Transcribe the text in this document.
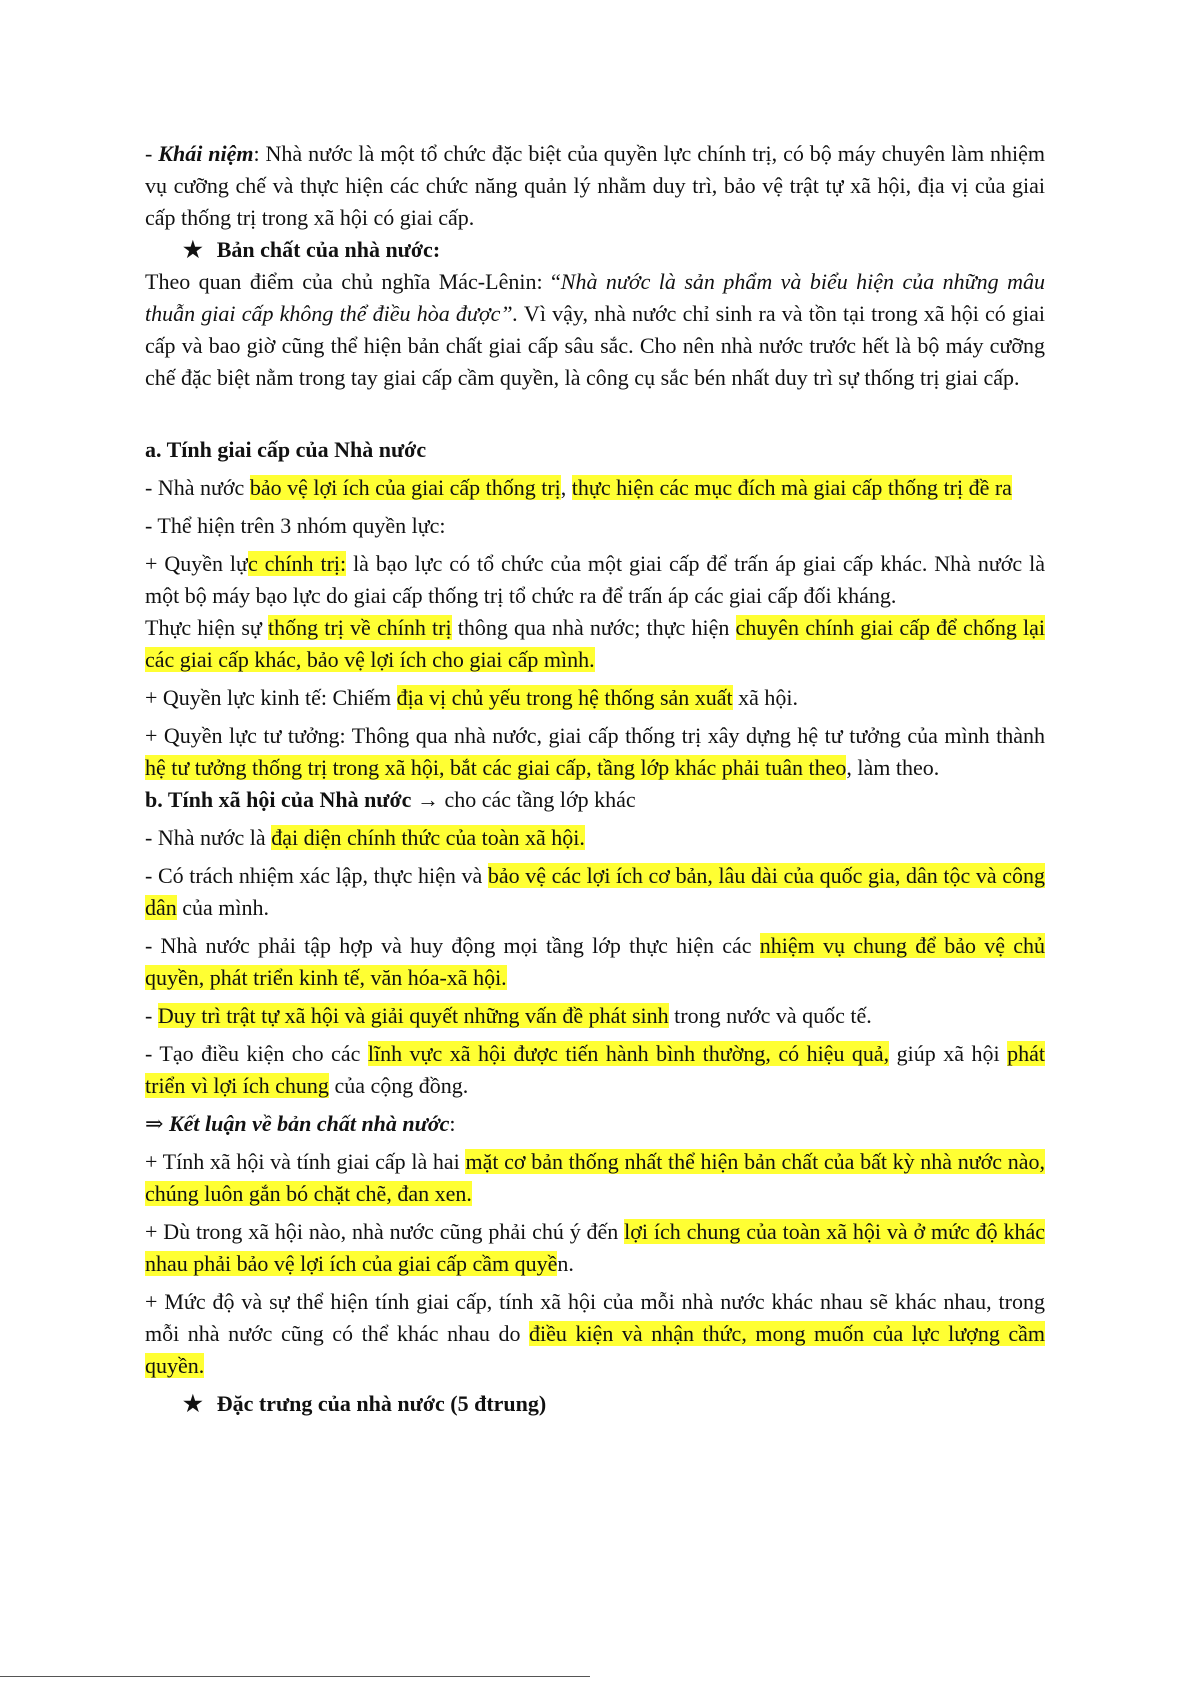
- Khái niệm: Nhà nước là một tổ chức đặc biệt của quyền lực chính trị, có bộ máy chuyên làm nhiệm vụ cưỡng chế và thực hiện các chức năng quản lý nhằm duy trì, bảo vệ trật tự xã hội, địa vị của giai cấp thống trị trong xã hội có giai cấp.

★ Bản chất của nhà nước:

Theo quan điểm của chủ nghĩa Mác-Lênin: “Nhà nước là sản phẩm và biểu hiện của những mâu thuẫn giai cấp không thể điều hòa được”. Vì vậy, nhà nước chỉ sinh ra và tồn tại trong xã hội có giai cấp và bao giờ cũng thể hiện bản chất giai cấp sâu sắc. Cho nên nhà nước trước hết là bộ máy cưỡng chế đặc biệt nằm trong tay giai cấp cầm quyền, là công cụ sắc bén nhất duy trì sự thống trị giai cấp.

a. Tính giai cấp của Nhà nước

- Nhà nước bảo vệ lợi ích của giai cấp thống trị, thực hiện các mục đích mà giai cấp thống trị đề ra

- Thể hiện trên 3 nhóm quyền lực:

+ Quyền lực chính trị: là bạo lực có tổ chức của một giai cấp để trấn áp giai cấp khác. Nhà nước là một bộ máy bạo lực do giai cấp thống trị tổ chức ra để trấn áp các giai cấp đối kháng.

Thực hiện sự thống trị về chính trị thông qua nhà nước; thực hiện chuyên chính giai cấp để chống lại các giai cấp khác, bảo vệ lợi ích cho giai cấp mình.

+ Quyền lực kinh tế: Chiếm địa vị chủ yếu trong hệ thống sản xuất xã hội.

+ Quyền lực tư tưởng: Thông qua nhà nước, giai cấp thống trị xây dựng hệ tư tưởng của mình thành hệ tư tưởng thống trị trong xã hội, bắt các giai cấp, tầng lớp khác phải tuân theo, làm theo.

b. Tính xã hội của Nhà nước → cho các tầng lớp khác

- Nhà nước là đại diện chính thức của toàn xã hội.

- Có trách nhiệm xác lập, thực hiện và bảo vệ các lợi ích cơ bản, lâu dài của quốc gia, dân tộc và công dân của mình.

- Nhà nước phải tập hợp và huy động mọi tầng lớp thực hiện các nhiệm vụ chung để bảo vệ chủ quyền, phát triển kinh tế, văn hóa-xã hội.

- Duy trì trật tự xã hội và giải quyết những vấn đề phát sinh trong nước và quốc tế.

- Tạo điều kiện cho các lĩnh vực xã hội được tiến hành bình thường, có hiệu quả, giúp xã hội phát triển vì lợi ích chung của cộng đồng.

⇒ Kết luận về bản chất nhà nước:

+ Tính xã hội và tính giai cấp là hai mặt cơ bản thống nhất thể hiện bản chất của bất kỳ nhà nước nào, chúng luôn gắn bó chặt chẽ, đan xen.

+ Dù trong xã hội nào, nhà nước cũng phải chú ý đến lợi ích chung của toàn xã hội và ở mức độ khác nhau phải bảo vệ lợi ích của giai cấp cầm quyền.

+ Mức độ và sự thể hiện tính giai cấp, tính xã hội của mỗi nhà nước khác nhau sẽ khác nhau, trong mỗi nhà nước cũng có thể khác nhau do điều kiện và nhận thức, mong muốn của lực lượng cầm quyền.

★ Đặc trưng của nhà nước (5 đtrung)
